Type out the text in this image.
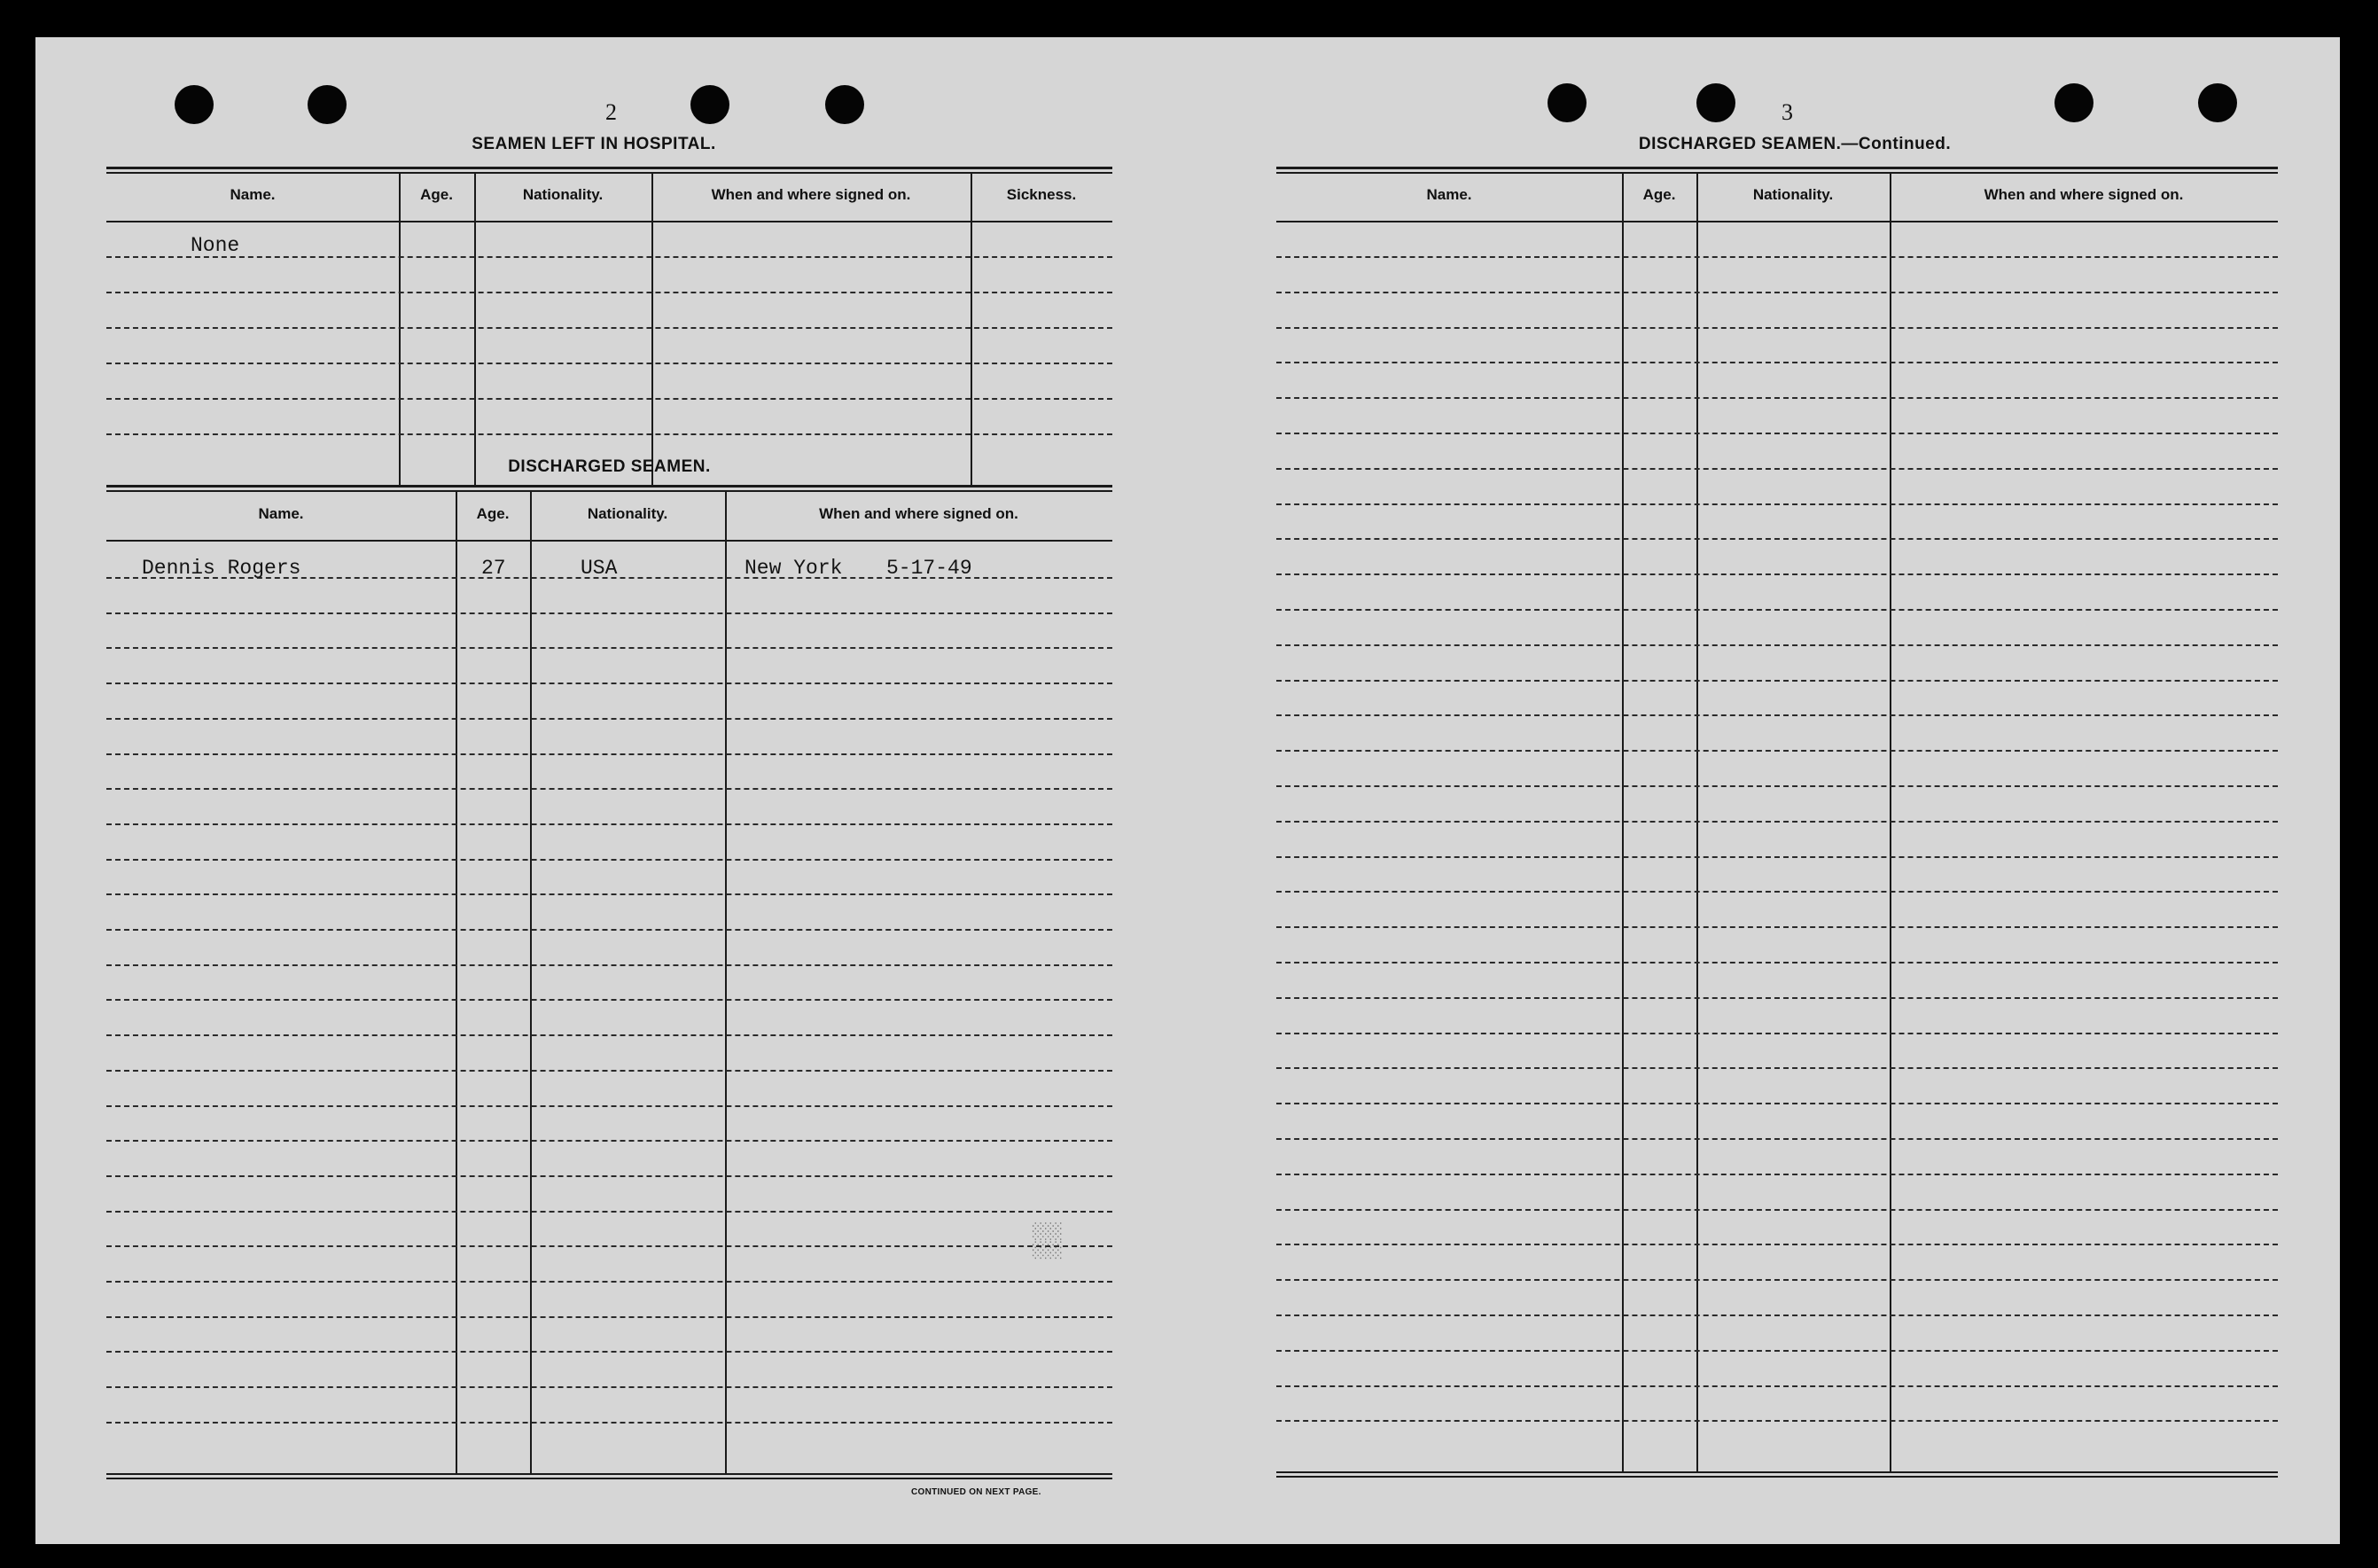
2
SEAMEN LEFT IN HOSPITAL.
Name.	Age.	Nationality.	When and where signed on.	Sickness.
None
DISCHARGED SEAMEN.
Name.	Age.	Nationality.	When and where signed on.
Dennis Rogers	27	USA	New York 5-17-49
CONTINUED ON NEXT PAGE.
░░
3
DISCHARGED SEAMEN.—Continued.
Name.	Age.	Nationality.	When and where signed on.
